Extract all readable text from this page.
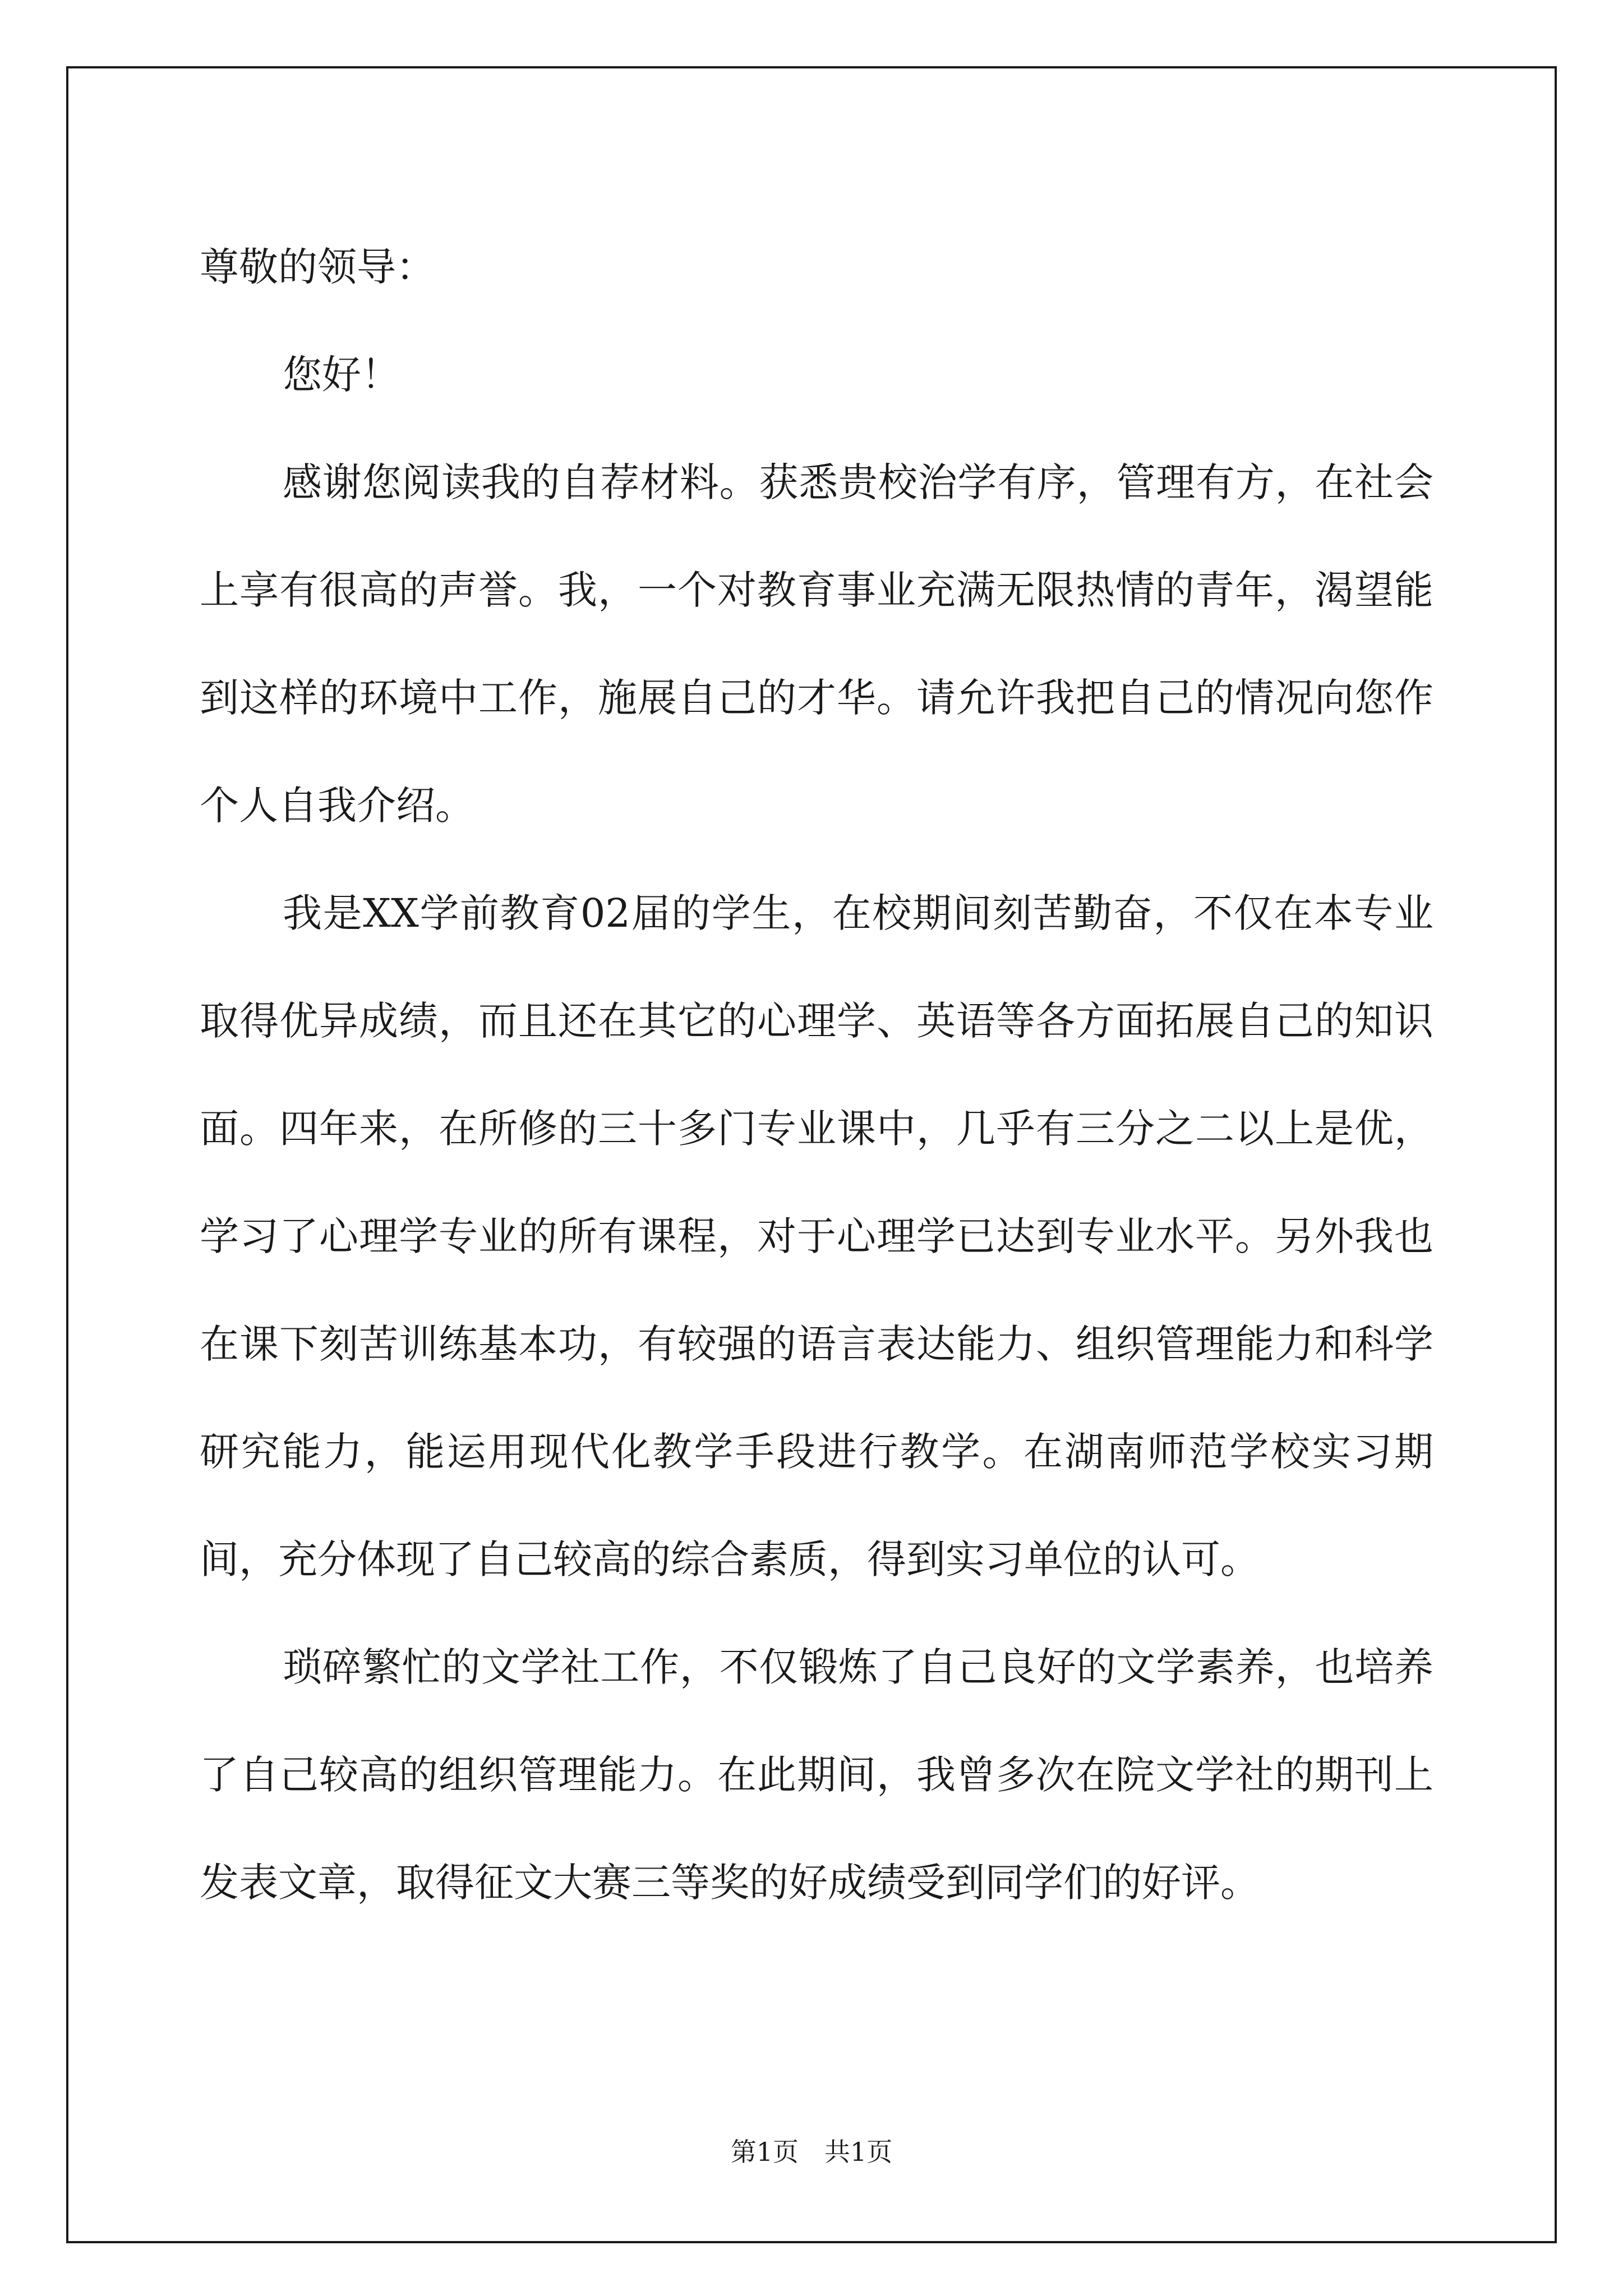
尊敬的领导：

您好！

感谢您阅读我的自荐材料。获悉贵校治学有序，管理有方，在社会上享有很高的声誉。我，一个对教育事业充满无限热情的青年，渴望能到这样的环境中工作，施展自己的才华。请允许我把自己的情况向您作个人自我介绍。

我是XX学前教育02届的学生，在校期间刻苦勤奋，不仅在本专业取得优异成绩，而且还在其它的心理学、英语等各方面拓展自己的知识面。四年来，在所修的三十多门专业课中，几乎有三分之二以上是优，学习了心理学专业的所有课程，对于心理学已达到专业水平。另外我也在课下刻苦训练基本功，有较强的语言表达能力、组织管理能力和科学研究能力，能运用现代化教学手段进行教学。在湖南师范学校实习期间，充分体现了自己较高的综合素质，得到实习单位的认可。

琐碎繁忙的文学社工作，不仅锻炼了自己良好的文学素养，也培养了自己较高的组织管理能力。在此期间，我曾多次在院文学社的期刊上发表文章，取得征文大赛三等奖的好成绩受到同学们的好评。

第1页　共1页
